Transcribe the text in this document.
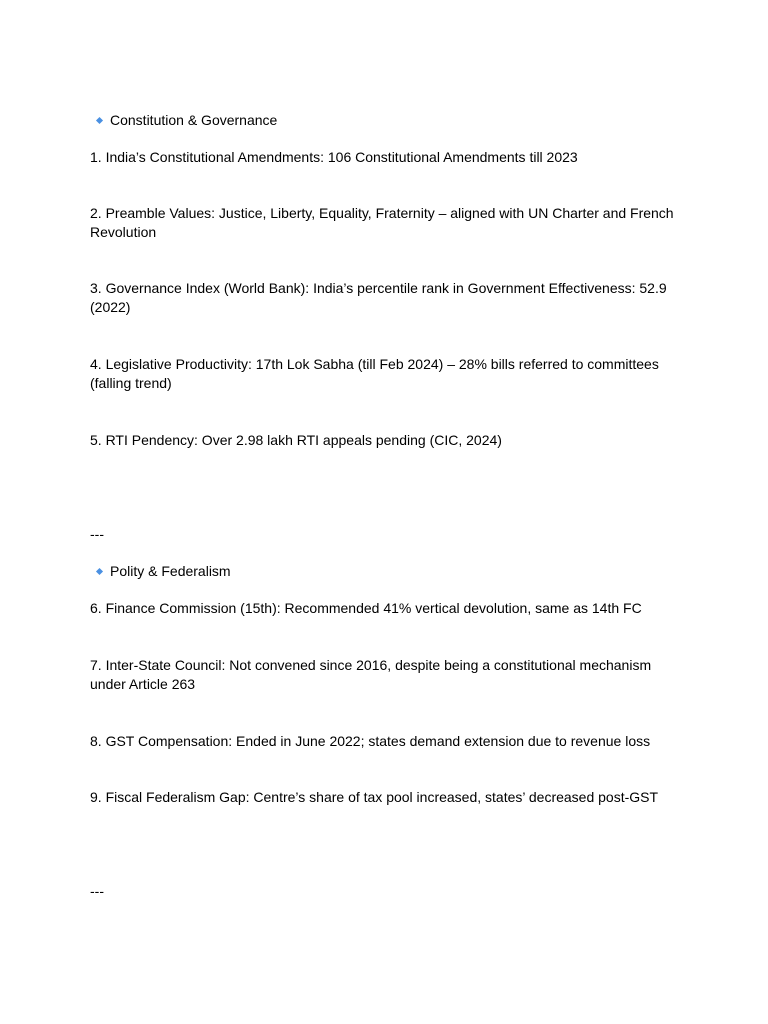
Constitution & Governance
1. India’s Constitutional Amendments: 106 Constitutional Amendments till 2023
2. Preamble Values: Justice, Liberty, Equality, Fraternity – aligned with UN Charter and French Revolution
3. Governance Index (World Bank): India’s percentile rank in Government Effectiveness: 52.9 (2022)
4. Legislative Productivity: 17th Lok Sabha (till Feb 2024) – 28% bills referred to committees (falling trend)
5. RTI Pendency: Over 2.98 lakh RTI appeals pending (CIC, 2024)
---
Polity & Federalism
6. Finance Commission (15th): Recommended 41% vertical devolution, same as 14th FC
7. Inter-State Council: Not convened since 2016, despite being a constitutional mechanism under Article 263
8. GST Compensation: Ended in June 2022; states demand extension due to revenue loss
9. Fiscal Federalism Gap: Centre’s share of tax pool increased, states’ decreased post-GST
---
